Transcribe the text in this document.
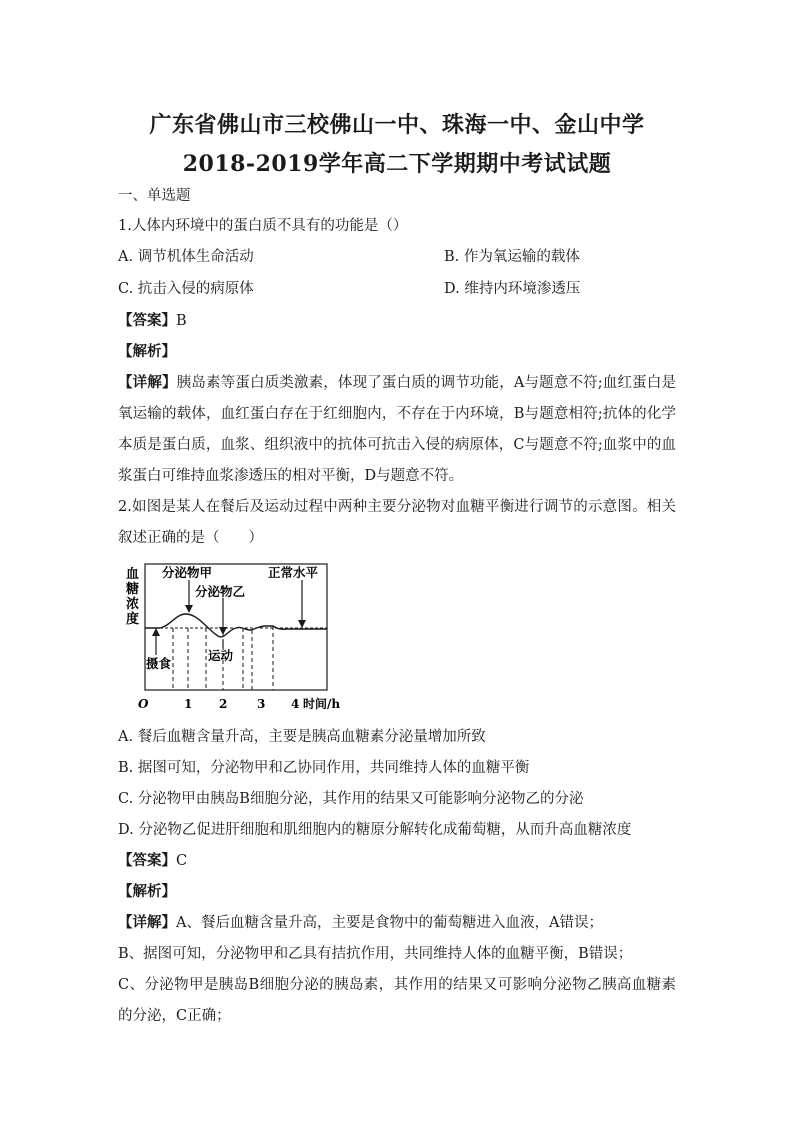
广东省佛山市三校佛山一中、珠海一中、金山中学
2018-2019学年高二下学期期中考试试题
一、单选题
1.人体内环境中的蛋白质不具有的功能是（）
A. 调节机体生命活动	B. 作为氧运输的载体
C. 抗击入侵的病原体	D. 维持内环境渗透压
【答案】B
【解析】
【详解】胰岛素等蛋白质类激素，体现了蛋白质的调节功能，A与题意不符;血红蛋白是氧运输的载体，血红蛋白存在于红细胞内，不存在于内环境，B与题意相符;抗体的化学本质是蛋白质，血浆、组织液中的抗体可抗击入侵的病原体，C与题意不符;血浆中的血浆蛋白可维持血浆渗透压的相对平衡，D与题意不符。
2.如图是某人在餐后及运动过程中两种主要分泌物对血糖平衡进行调节的示意图。相关叙述正确的是（　　）
血
糖
浓
度
分泌物甲
分泌物乙
正常水平
摄食
运动
O	1 2 3 4 时间/h
A. 餐后血糖含量升高，主要是胰高血糖素分泌量增加所致
B. 据图可知，分泌物甲和乙协同作用，共同维持人体的血糖平衡
C. 分泌物甲由胰岛B细胞分泌，其作用的结果又可能影响分泌物乙的分泌
D. 分泌物乙促进肝细胞和肌细胞内的糖原分解转化成葡萄糖，从而升高血糖浓度
【答案】C
【解析】
【详解】A、餐后血糖含量升高，主要是食物中的葡萄糖进入血液，A错误；
B、据图可知，分泌物甲和乙具有拮抗作用，共同维持人体的血糖平衡，B错误；
C、分泌物甲是胰岛B细胞分泌的胰岛素，其作用的结果又可影响分泌物乙胰高血糖素的分泌，C正确；
